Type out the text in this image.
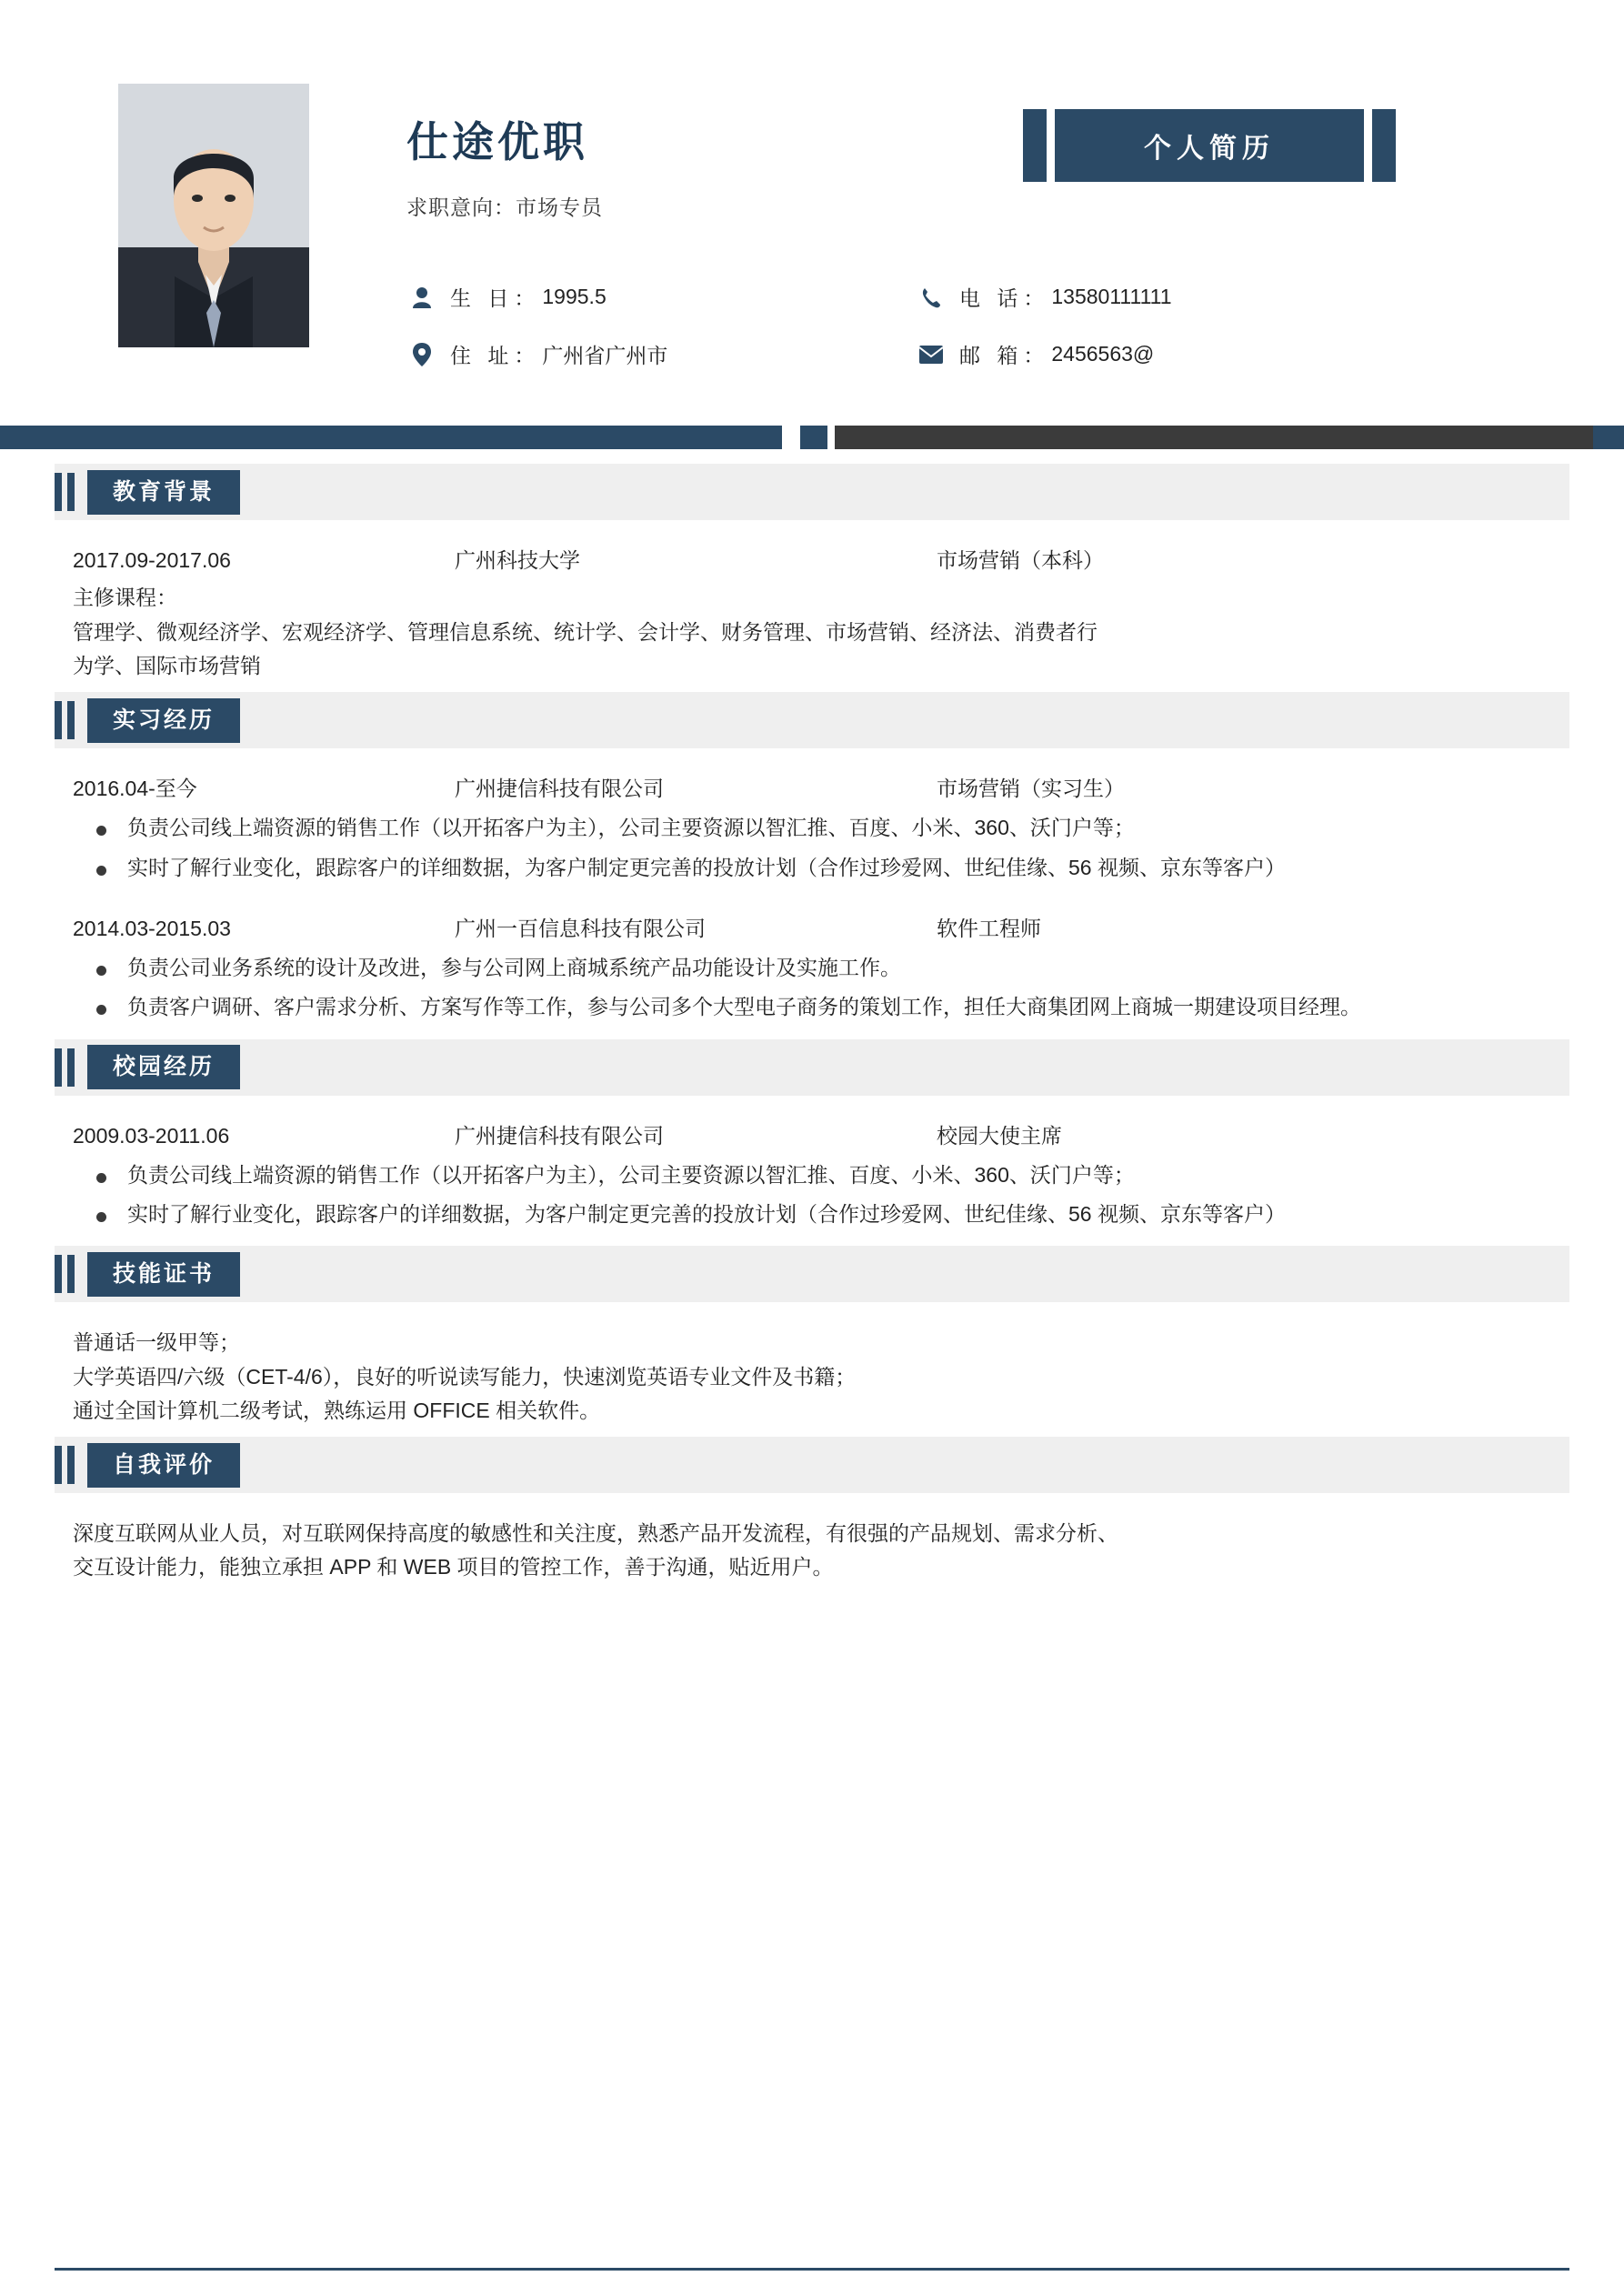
仕途优职
求职意向：市场专员
个人简历
生 日： 1995.5	电 话： 13580111111
住 址： 广州省广州市	邮 箱： 2456563@
教育背景
2017.09-2017.06	广州科技大学	市场营销（本科）

主修课程：

管理学、微观经济学、宏观经济学、管理信息系统、统计学、会计学、财务管理、市场营销、经济法、消费者行

为学、国际市场营销

实习经历
2016.04-至今	广州捷信科技有限公司	市场营销（实习生）
负责公司线上端资源的销售工作（以开拓客户为主），公司主要资源以智汇推、百度、小米、360、沃门户等；
实时了解行业变化，跟踪客户的详细数据，为客户制定更完善的投放计划（合作过珍爱网、世纪佳缘、56 视频、京东等客户）
2014.03-2015.03	广州一百信息科技有限公司	软件工程师
负责公司业务系统的设计及改进，参与公司网上商城系统产品功能设计及实施工作。
负责客户调研、客户需求分析、方案写作等工作，参与公司多个大型电子商务的策划工作，担任大商集团网上商城一期建设项目经理。
校园经历
2009.03-2011.06	广州捷信科技有限公司	校园大使主席
负责公司线上端资源的销售工作（以开拓客户为主），公司主要资源以智汇推、百度、小米、360、沃门户等；
实时了解行业变化，跟踪客户的详细数据，为客户制定更完善的投放计划（合作过珍爱网、世纪佳缘、56 视频、京东等客户）
技能证书

普通话一级甲等；

大学英语四/六级（CET-4/6），良好的听说读写能力，快速浏览英语专业文件及书籍；

通过全国计算机二级考试，熟练运用 OFFICE 相关软件。

自我评价

深度互联网从业人员，对互联网保持高度的敏感性和关注度，熟悉产品开发流程，有很强的产品规划、需求分析、

交互设计能力，能独立承担 APP 和 WEB 项目的管控工作，善于沟通，贴近用户。
